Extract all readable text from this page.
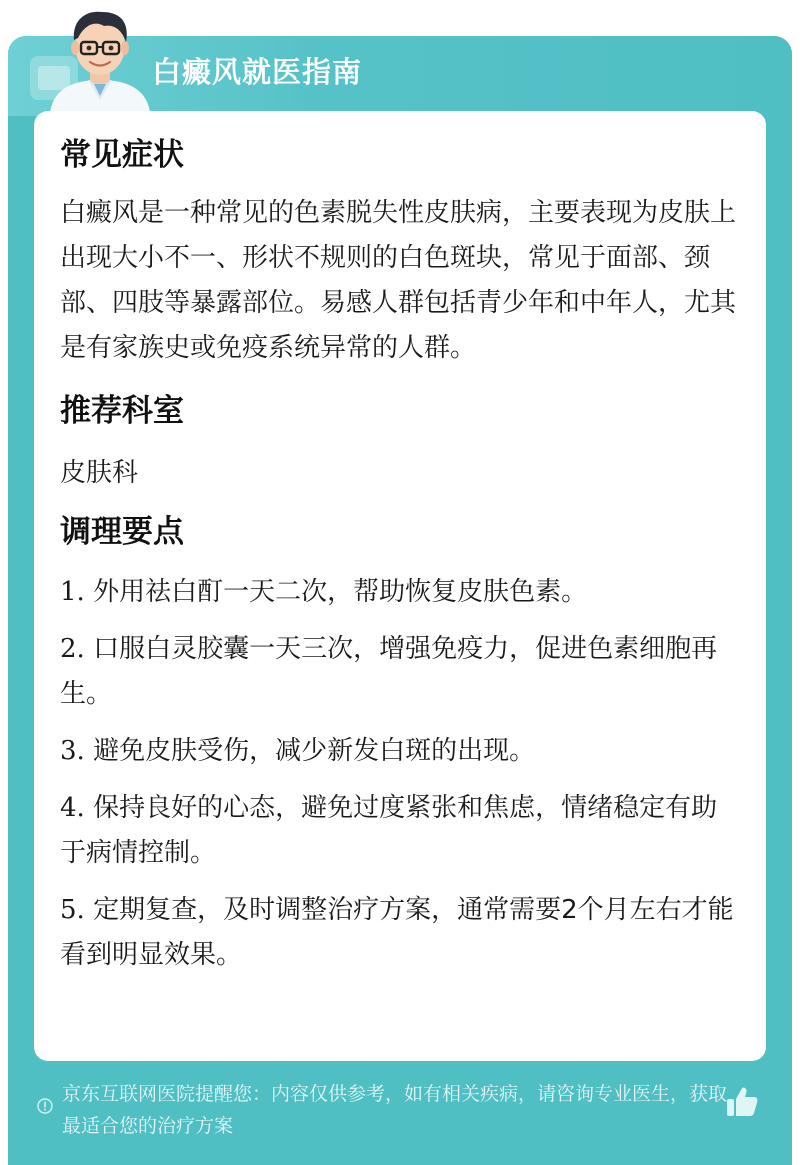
白癜风就医指南
常见症状

白癜风是一种常见的色素脱失性皮肤病，主要表现为皮肤上出现大小不一、形状不规则的白色斑块，常见于面部、颈部、四肢等暴露部位。易感人群包括青少年和中年人，尤其是有家族史或免疫系统异常的人群。

推荐科室

皮肤科

调理要点

1. 外用祛白酊一天二次，帮助恢复皮肤色素。

2. 口服白灵胶囊一天三次，增强免疫力，促进色素细胞再生。

3. 避免皮肤受伤，减少新发白斑的出现。

4. 保持良好的心态，避免过度紧张和焦虑，情绪稳定有助于病情控制。

5. 定期复查，及时调整治疗方案，通常需要2个月左右才能看到明显效果。

京东互联网医院提醒您：内容仅供参考，如有相关疾病，请咨询专业医生，获取最适合您的治疗方案
